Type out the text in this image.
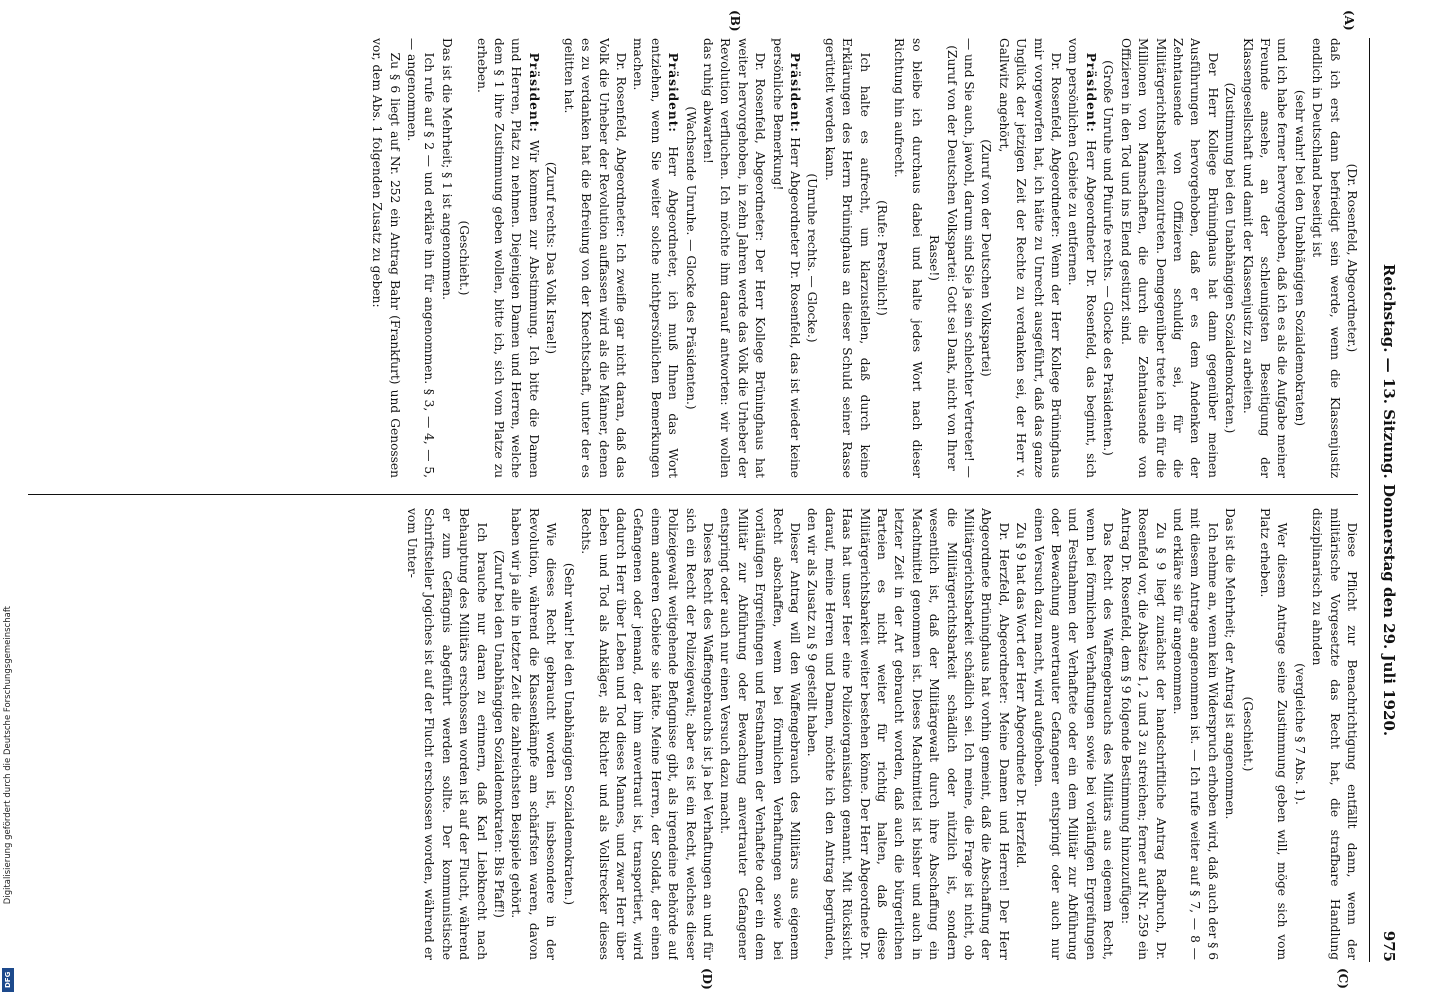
Reichstag. — 13. Sitzung. Donnerstag den 29. Juli 1920.
975
(A)
(B)
(C)
(D)

(Dr. Rosenfeld, Abgeordneter.)

daß ich erst dann befriedigt sein werde, wenn die Klassenjustiz endlich in Deutschland beseitigt ist

(sehr wahr! bei den Unabhängigen Sozialdemokraten)

und ich habe ferner hervorgehoben, daß ich es als die Aufgabe meiner Freunde ansehe, an der schleunigsten Beseitigung der Klassengesellschaft und damit der Klassenjustiz zu arbeiten.

(Zustimmung bei den Unabhängigen Sozialdemokraten.)

Der Herr Kollege Brüninghaus hat dann gegenüber meinen Ausführungen hervorgehoben, daß er es dem Andenken der Zehntausende von Offizieren schuldig sei, für die Militärgerichtsbarkeit einzutreten. Demgegenüber trete ich ein für die Millionen von Mannschaften, die durch die Zehntausende von Offizieren in den Tod und ins Elend gestürzt sind.

(Große Unruhe und Pfuirufe rechts. — Glocke des Präsidenten.)

Präsident: Herr Abgeordneter Dr. Rosenfeld, das beginnt, sich vom persönlichen Gebiete zu entfernen.

Dr. Rosenfeld, Abgeordneter: Wenn der Herr Kollege Brüninghaus mir vorgeworfen hat, ich hätte zu Unrecht ausgeführt, daß das ganze Unglück der jetzigen Zeit der Rechte zu verdanken sei, der Herr v. Gallwitz angehört,

(Zuruf von der Deutschen Volkspartei)

— und Sie auch, jawohl, darum sind Sie ja sein schlechter Vertreter! —

(Zuruf von der Deutschen Volkspartei: Gott sei Dank, nicht von Ihrer Rasse!)

so bleibe ich durchaus dabei und halte jedes Wort nach dieser Richtung hin aufrecht.

(Rufe: Persönlich!)

Ich halte es aufrecht, um klarzustellen, daß durch keine Erklärungen des Herrn Brüninghaus an dieser Schuld seiner Rasse gerüttelt werden kann.

(Unruhe rechts. — Glocke.)

Präsident: Herr Abgeordneter Dr. Rosenfeld, das ist wieder keine persönliche Bemerkung!

Dr. Rosenfeld, Abgeordneter: Der Herr Kollege Brüninghaus hat weiter hervorgehoben, in zehn Jahren werde das Volk die Urheber der Revolution verfluchen. Ich möchte ihm darauf antworten: wir wollen das ruhig abwarten!

(Wachsende Unruhe. — Glocke des Präsidenten.)

Präsident: Herr Abgeordneter, ich muß Ihnen das Wort entziehen, wenn Sie weiter solche nichtpersönlichen Bemerkungen machen.

Dr. Rosenfeld, Abgeordneter: Ich zweifle gar nicht daran, daß das Volk die Urheber der Revolution auffassen wird als die Männer, denen es zu verdanken hat die Befreiung von der Knechtschaft, unter der es gelitten hat.

(Zuruf rechts: Das Volk Israel!)

Präsident: Wir kommen zur Abstimmung. Ich bitte die Damen und Herren, Platz zu nehmen. Diejenigen Damen und Herren, welche dem § 1 ihre Zustimmung geben wollen, bitte ich, sich vom Platze zu erheben.

(Geschieht.)

Das ist die Mehrheit; § 1 ist angenommen.

Ich rufe auf § 2 — und erkläre ihn für angenommen. § 3, — 4, — 5, — angenommen.

Zu § 6 liegt auf Nr. 252 ein Antrag Bahr (Frankfurt) und Genossen vor, dem Abs. 1 folgenden Zusatz zu geben:

Diese Pflicht zur Benachrichtigung entfällt dann, wenn der militärische Vorgesetzte das Recht hat, die strafbare Handlung disziplinarisch zu ahnden

(vergleiche § 7 Abs. 1).

Wer diesem Antrage seine Zustimmung geben will, möge sich vom Platz erheben.

(Geschieht.)

Das ist die Mehrheit; der Antrag ist angenommen.

Ich nehme an, wenn kein Widerspruch erhoben wird, daß auch der § 6 mit diesem Antrage angenommen ist. — Ich rufe weiter auf § 7, — 8 — und erkläre sie für angenommen.

Zu § 9 liegt zunächst der handschriftliche Antrag Radbruch, Dr. Rosenfeld vor, die Absätze 1, 2 und 3 zu streichen; ferner auf Nr. 259 ein Antrag Dr. Rosenfeld, dem § 9 folgende Bestimmung hinzuzufügen:

Das Recht des Waffengebrauchs des Militärs aus eigenem Recht, wenn bei förmlichen Verhaftungen sowie bei vorläufigen Ergreifungen und Festnahmen der Verhaftete oder ein dem Militär zur Abführung oder Bewachung anvertrauter Gefangener entspringt oder auch nur einen Versuch dazu macht, wird aufgehoben.

Zu § 9 hat das Wort der Herr Abgeordnete Dr. Herzfeld.

Dr. Herzfeld, Abgeordneter: Meine Damen und Herren! Der Herr Abgeordnete Brüninghaus hat vorhin gemeint, daß die Abschaffung der Militärgerichtsbarkeit schädlich sei. Ich meine, die Frage ist nicht, ob die Militärgerichtsbarkeit schädlich oder nützlich ist, sondern wesentlich ist, daß der Militärgewalt durch ihre Abschaffung ein Machtmittel genommen ist. Dieses Machtmittel ist bisher und auch in letzter Zeit in der Art gebraucht worden, daß auch die bürgerlichen Parteien es nicht weiter für richtig halten, daß diese Militärgerichtsbarkeit weiter bestehen könne. Der Herr Abgeordnete Dr. Haas hat unser Heer eine Polizeiorganisation genannt. Mit Rücksicht darauf, meine Herren und Damen, möchte ich den Antrag begründen, den wir als Zusatz zu § 9 gestellt haben.

Dieser Antrag will den Waffengebrauch des Militärs aus eigenem Recht abschaffen, wenn bei förmlichen Verhaftungen sowie bei vorläufigen Ergreifungen und Festnahmen der Verhaftete oder ein dem Militär zur Abführung oder Bewachung anvertrauter Gefangener entspringt oder auch nur einen Versuch dazu macht.

Dieses Recht des Waffengebrauchs ist ja bei Verhaftungen an und für sich ein Recht der Polizeigewalt; aber es ist ein Recht, welches dieser Polizeigewalt weitgehende Befugnisse gibt, als irgendeine Behörde auf einem anderen Gebiete sie hätte. Meine Herren, der Soldat, der einen Gefangenen oder jemand, der ihm anvertraut ist, transportiert, wird dadurch Herr über Leben und Tod dieses Mannes, und zwar Herr über Leben und Tod als Ankläger, als Richter und als Vollstrecker dieses Rechts.

(Sehr wahr! bei den Unabhängigen Sozialdemokraten.)

Wie dieses Recht gebraucht worden ist, insbesondere in der Revolution, während die Klassenkämpfe am schärfsten waren, davon haben wir ja alle in letzter Zeit die zahlreichsten Beispiele gehört.

(Zuruf bei den Unabhängigen Sozialdemokraten: Bis Pfaff!)

Ich brauche nur daran zu erinnern, daß Karl Liebknecht nach Behauptung des Militärs erschossen worden ist auf der Flucht, während er zum Gefängnis abgeführt werden sollte. Der kommunistische Schriftsteller Jogiches ist auf der Flucht erschossen worden, während er vom Unter-

Digitalisierung gefördert durch die Deutsche Forschungsgemeinschaft
DFG
